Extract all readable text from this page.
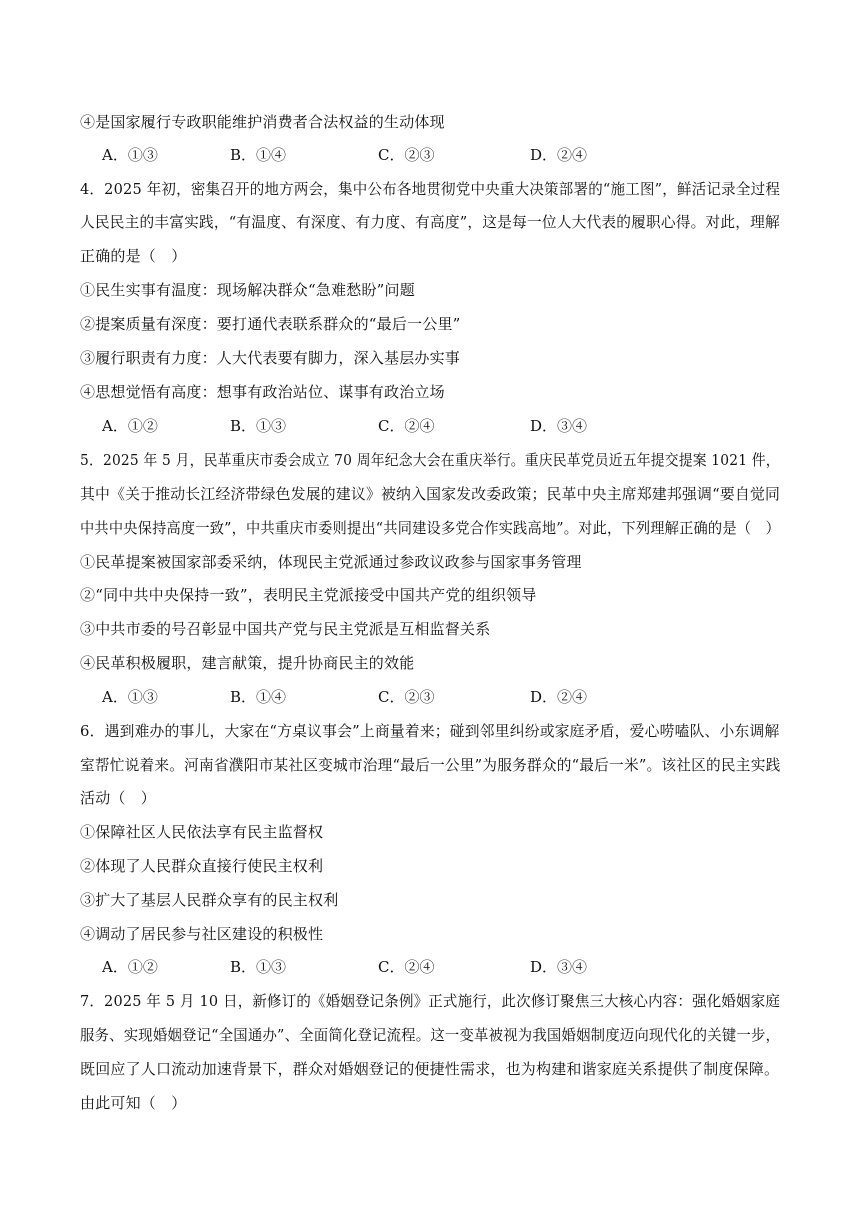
④是国家履行专政职能维护消费者合法权益的生动体现
A．①③	B．①④	C．②③	D．②④
4．2025 年初，密集召开的地方两会，集中公布各地贯彻党中央重大决策部署的“施工图”，鲜活记录全过程
人民民主的丰富实践，“有温度、有深度、有力度、有高度”，这是每一位人大代表的履职心得。对此，理解
正确的是（　）
①民生实事有温度：现场解决群众“急难愁盼”问题
②提案质量有深度：要打通代表联系群众的“最后一公里”
③履行职责有力度：人大代表要有脚力，深入基层办实事
④思想觉悟有高度：想事有政治站位、谋事有政治立场
A．①②	B．①③	C．②④	D．③④
5．2025 年 5 月，民革重庆市委会成立 70 周年纪念大会在重庆举行。重庆民革党员近五年提交提案 1021 件，
其中《关于推动长江经济带绿色发展的建议》被纳入国家发改委政策；民革中央主席郑建邦强调“要自觉同
中共中央保持高度一致”，中共重庆市委则提出“共同建设多党合作实践高地”。对此，下列理解正确的是（　）
①民革提案被国家部委采纳，体现民主党派通过参政议政参与国家事务管理
②“同中共中央保持一致”，表明民主党派接受中国共产党的组织领导
③中共市委的号召彰显中国共产党与民主党派是互相监督关系
④民革积极履职，建言献策，提升协商民主的效能
A．①③	B．①④	C．②③	D．②④
6．遇到难办的事儿，大家在“方桌议事会”上商量着来；碰到邻里纠纷或家庭矛盾，爱心唠嗑队、小东调解
室帮忙说着来。河南省濮阳市某社区变城市治理“最后一公里”为服务群众的“最后一米”。该社区的民主实践
活动（　）
①保障社区人民依法享有民主监督权
②体现了人民群众直接行使民主权利
③扩大了基层人民群众享有的民主权利
④调动了居民参与社区建设的积极性
A．①②	B．①③	C．②④	D．③④
7．2025 年 5 月 10 日，新修订的《婚姻登记条例》正式施行，此次修订聚焦三大核心内容：强化婚姻家庭
服务、实现婚姻登记“全国通办”、全面简化登记流程。这一变革被视为我国婚姻制度迈向现代化的关键一步，
既回应了人口流动加速背景下，群众对婚姻登记的便捷性需求，也为构建和谐家庭关系提供了制度保障。
由此可知（　）
